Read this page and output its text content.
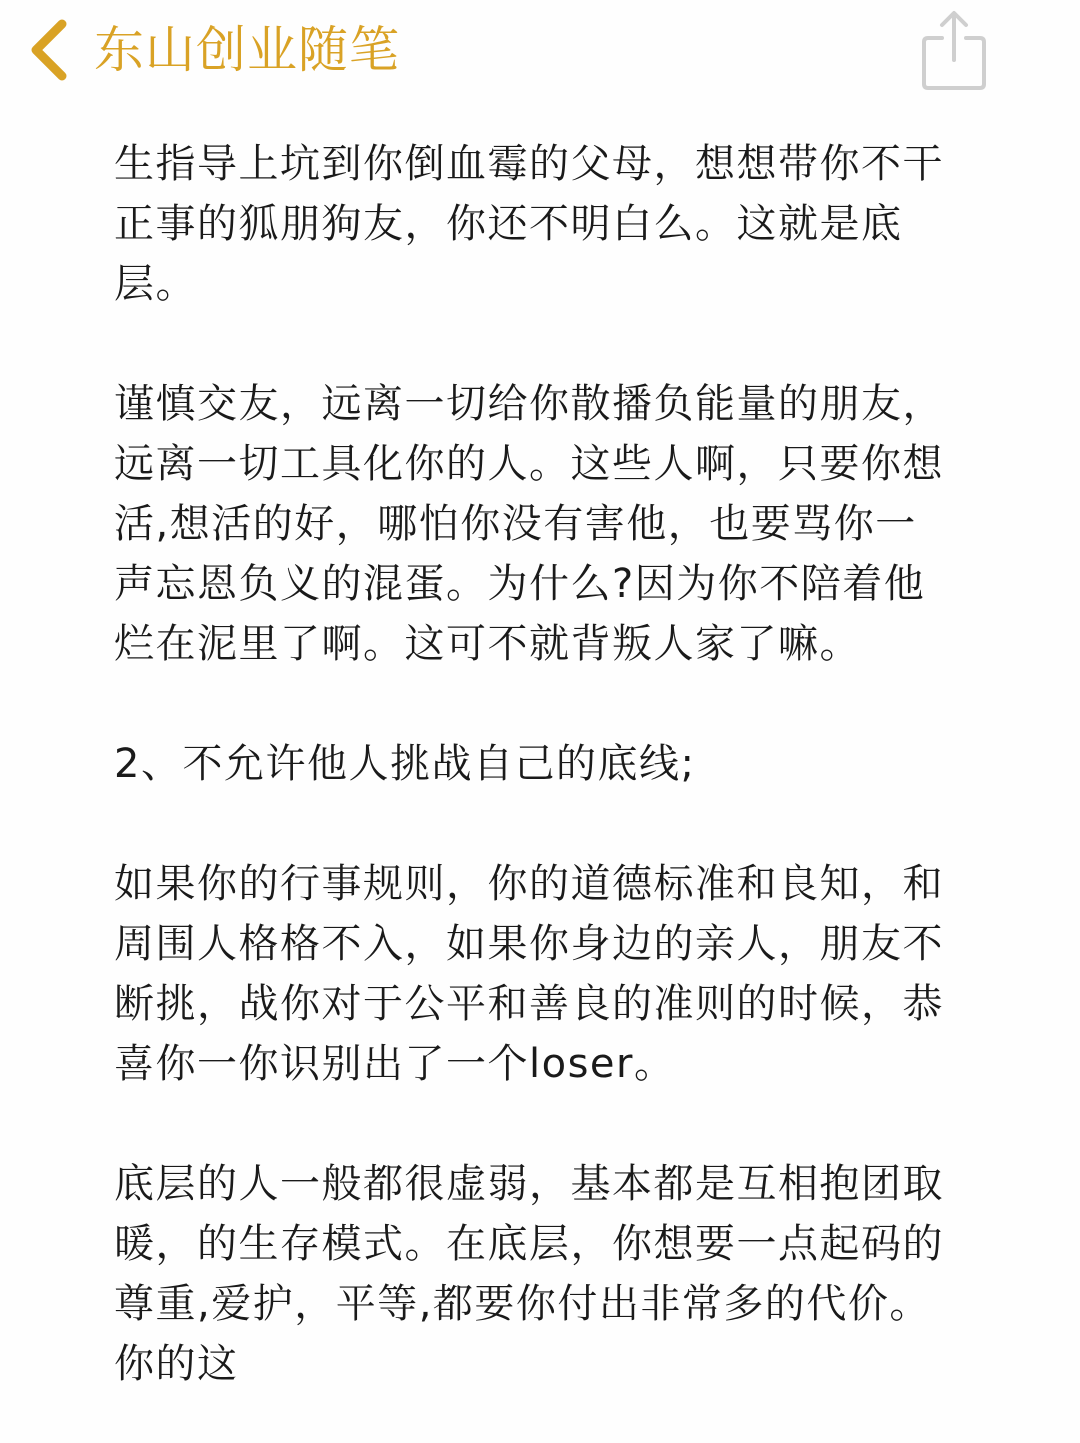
东山创业随笔

生指导上坑到你倒血霉的父母，想想带你不干
正事的狐朋狗友，你还不明白么。这就是底
层。

谨慎交友，远离一切给你散播负能量的朋友，
远离一切工具化你的人。这些人啊，只要你想
活,想活的好，哪怕你没有害他，也要骂你一
声忘恩负义的混蛋。为什么?因为你不陪着他
烂在泥里了啊。这可不就背叛人家了嘛。

2、不允许他人挑战自己的底线;

如果你的行事规则，你的道德标准和良知，和
周围人格格不入，如果你身边的亲人，朋友不
断挑，战你对于公平和善良的准则的时候，恭
喜你一你识别出了一个loser。

底层的人一般都很虚弱，基本都是互相抱团取
暖，的生存模式。在底层，你想要一点起码的
尊重,爱护，平等,都要你付出非常多的代价。
你的这
